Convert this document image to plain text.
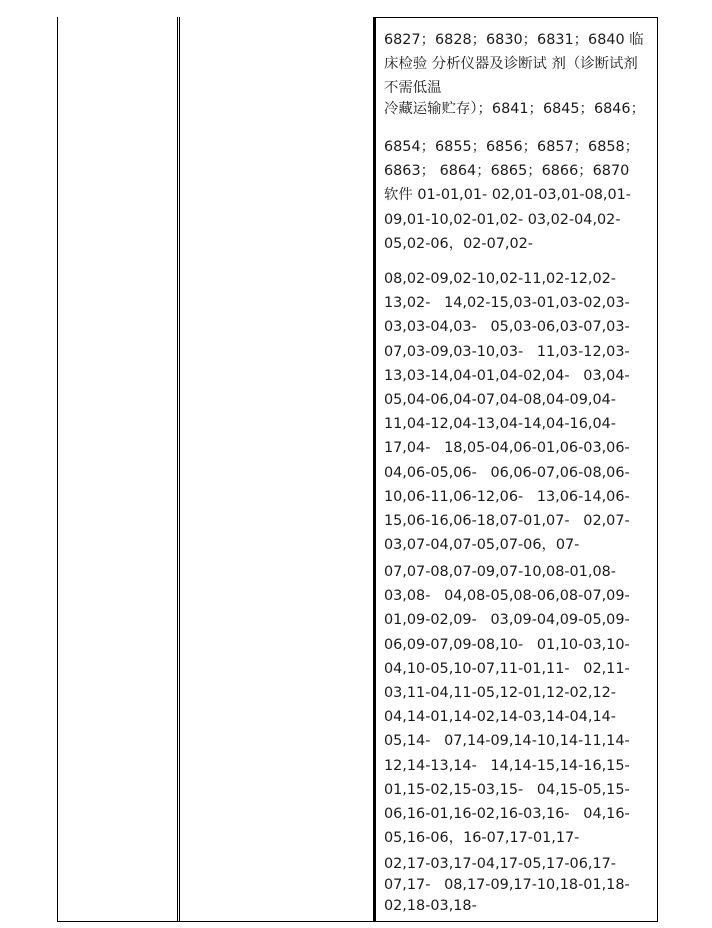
6827；6828；6830；6831；6840 临
床检验 分析仪器及诊断试 剂（诊断试剂
不需低温
冷藏运输贮存）；6841；6845；6846；
6854；6855；6856；6857；6858；
6863； 6864；6865；6866；6870
软件 01-01,01- 02,01-03,01-08,01-
09,01-10,02-01,02- 03,02-04,02-
05,02-06，02-07,02-
08,02-09,02-10,02-11,02-12,02-
13,02-   14,02-15,03-01,03-02,03-
03,03-04,03-   05,03-06,03-07,03-
07,03-09,03-10,03-   11,03-12,03-
13,03-14,04-01,04-02,04-   03,04-
05,04-06,04-07,04-08,04-09,04-
11,04-12,04-13,04-14,04-16,04-
17,04-   18,05-04,06-01,06-03,06-
04,06-05,06-   06,06-07,06-08,06-
10,06-11,06-12,06-   13,06-14,06-
15,06-16,06-18,07-01,07-   02,07-
03,07-04,07-05,07-06，07-
07,07-08,07-09,07-10,08-01,08-
03,08-   04,08-05,08-06,08-07,09-
01,09-02,09-   03,09-04,09-05,09-
06,09-07,09-08,10-   01,10-03,10-
04,10-05,10-07,11-01,11-   02,11-
03,11-04,11-05,12-01,12-02,12-
04,14-01,14-02,14-03,14-04,14-
05,14-   07,14-09,14-10,14-11,14-
12,14-13,14-   14,14-15,14-16,15-
01,15-02,15-03,15-   04,15-05,15-
06,16-01,16-02,16-03,16-   04,16-
05,16-06，16-07,17-01,17-
02,17-03,17-04,17-05,17-06,17-
07,17-   08,17-09,17-10,18-01,18-
02,18-03,18-
